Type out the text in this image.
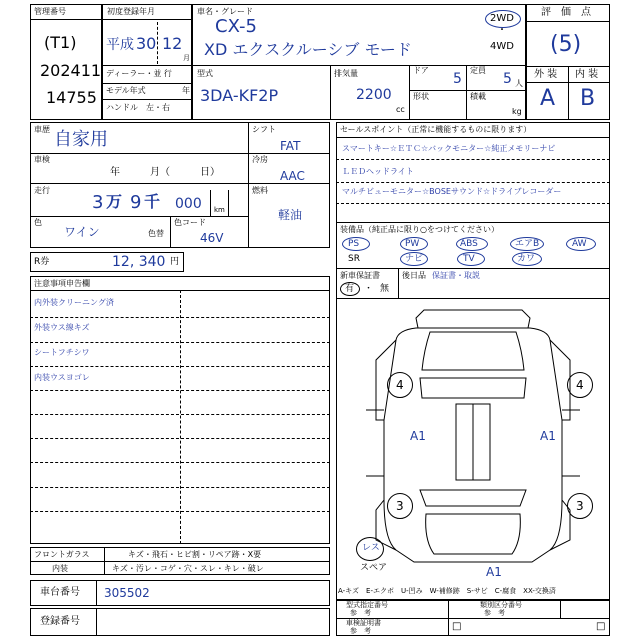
管理番号
(T1)
202411
14755
初度登録年月
平成 30 12
月
ディーラー・並 行
モデル年式	年
ハンドル　左・右
車名・グレード
CX-5
XD エクスクルーシブ モード
2WD
・
4WD
型式
3DA-KF2P
排気量
2200
cc
ドア
5
定員
5 人
形状	積載
kg
評　価　点
(5)
外 装 内 装
A B
車歴 自家用
車検
年　　　月（　　　日）
走行
3 万 9 千 000 km
色
ワイン	色替
色コード
46V
シフト
FAT
冷房
AAC
燃料
軽油
R券	12, 340 円
注意事項申告欄
内外装クリーニング済
外装ウス線キズ
シートフチシワ
内装ウスヨゴレ
フロントガラス	キズ・飛石・ヒビ割・リペア跡・X要
内装	キズ・汚レ・コゲ・穴・スレ・キレ・破レ
車台番号 305502
登録番号
セールスポイント（正常に機能するものに限ります）
スマートキー☆ＥＴＣ☆バックモニター☆純正メモリーナビ
ＬＥＤヘッドライト
マルチビューモニター☆BOSEサウンド☆ドライブレコーダー
装備品（純正品に限り○をつけてください）
PS	PW	ABS	エアB	AW
SR	ナビ	TV	カワ
新車保証書
有 ・ 無
後日品 保証書・取説
4	4
A1	A1
3	3
A1
レス
スペア
A-キズ　E-エクボ　U-凹み　W-補修跡　S-サビ　C-腐食　XX-交換済
型式指定番号
参　考
類別区分番号
参　考
車検証明書
参　考	□	□
